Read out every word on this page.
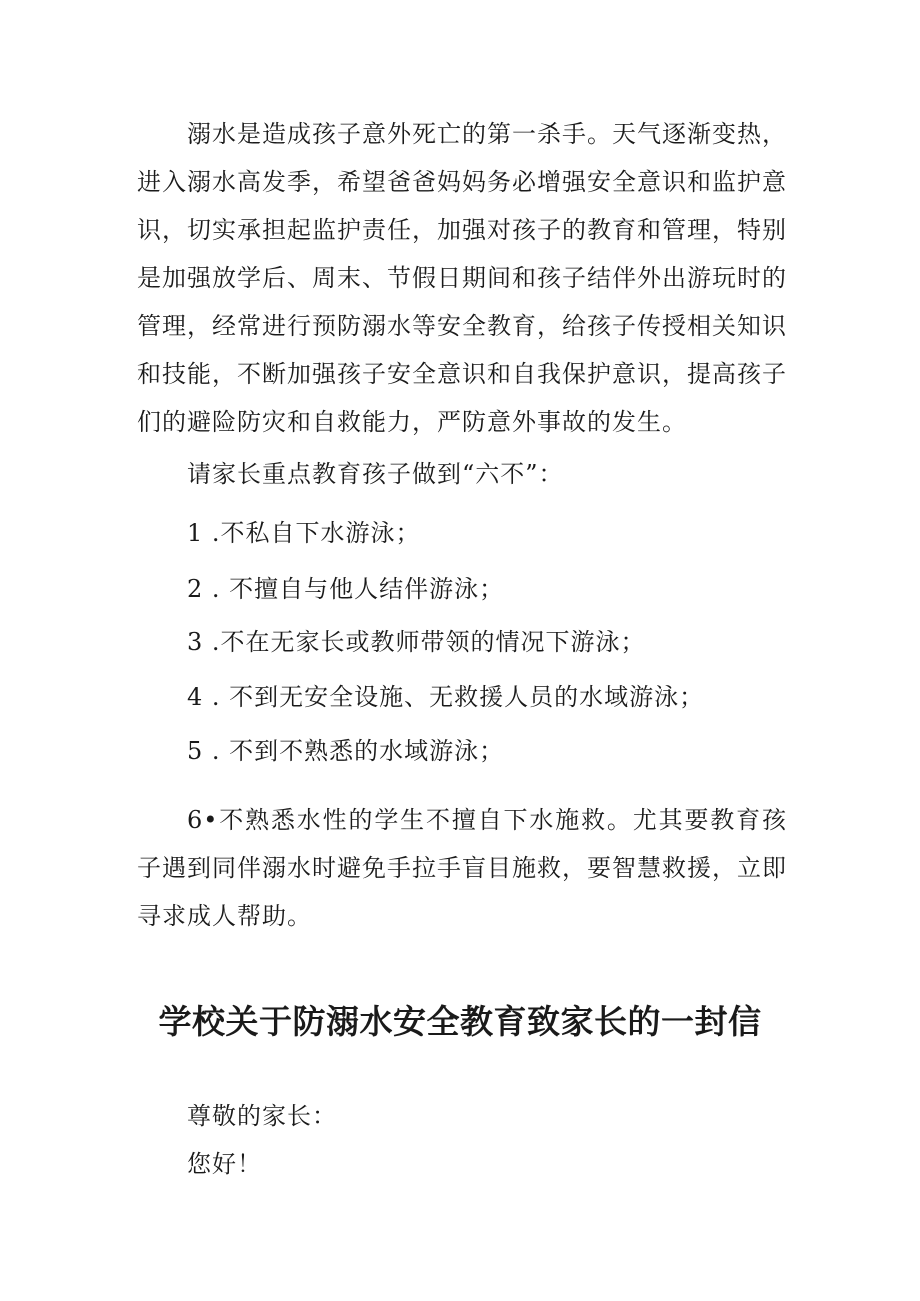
溺水是造成孩子意外死亡的第一杀手。天气逐渐变热，进入溺水高发季，希望爸爸妈妈务必增强安全意识和监护意识，切实承担起监护责任，加强对孩子的教育和管理，特别是加强放学后、周末、节假日期间和孩子结伴外出游玩时的管理，经常进行预防溺水等安全教育，给孩子传授相关知识和技能，不断加强孩子安全意识和自我保护意识，提高孩子们的避险防灾和自救能力，严防意外事故的发生。

请家长重点教育孩子做到“六不”：

1 .不私自下水游泳；

2 . 不擅自与他人结伴游泳；

3 .不在无家长或教师带领的情况下游泳；

4 . 不到无安全设施、无救援人员的水域游泳；

5 . 不到不熟悉的水域游泳；

6•不熟悉水性的学生不擅自下水施救。尤其要教育孩子遇到同伴溺水时避免手拉手盲目施救，要智慧救援，立即寻求成人帮助。

学校关于防溺水安全教育致家长的一封信

尊敬的家长：

您好！
